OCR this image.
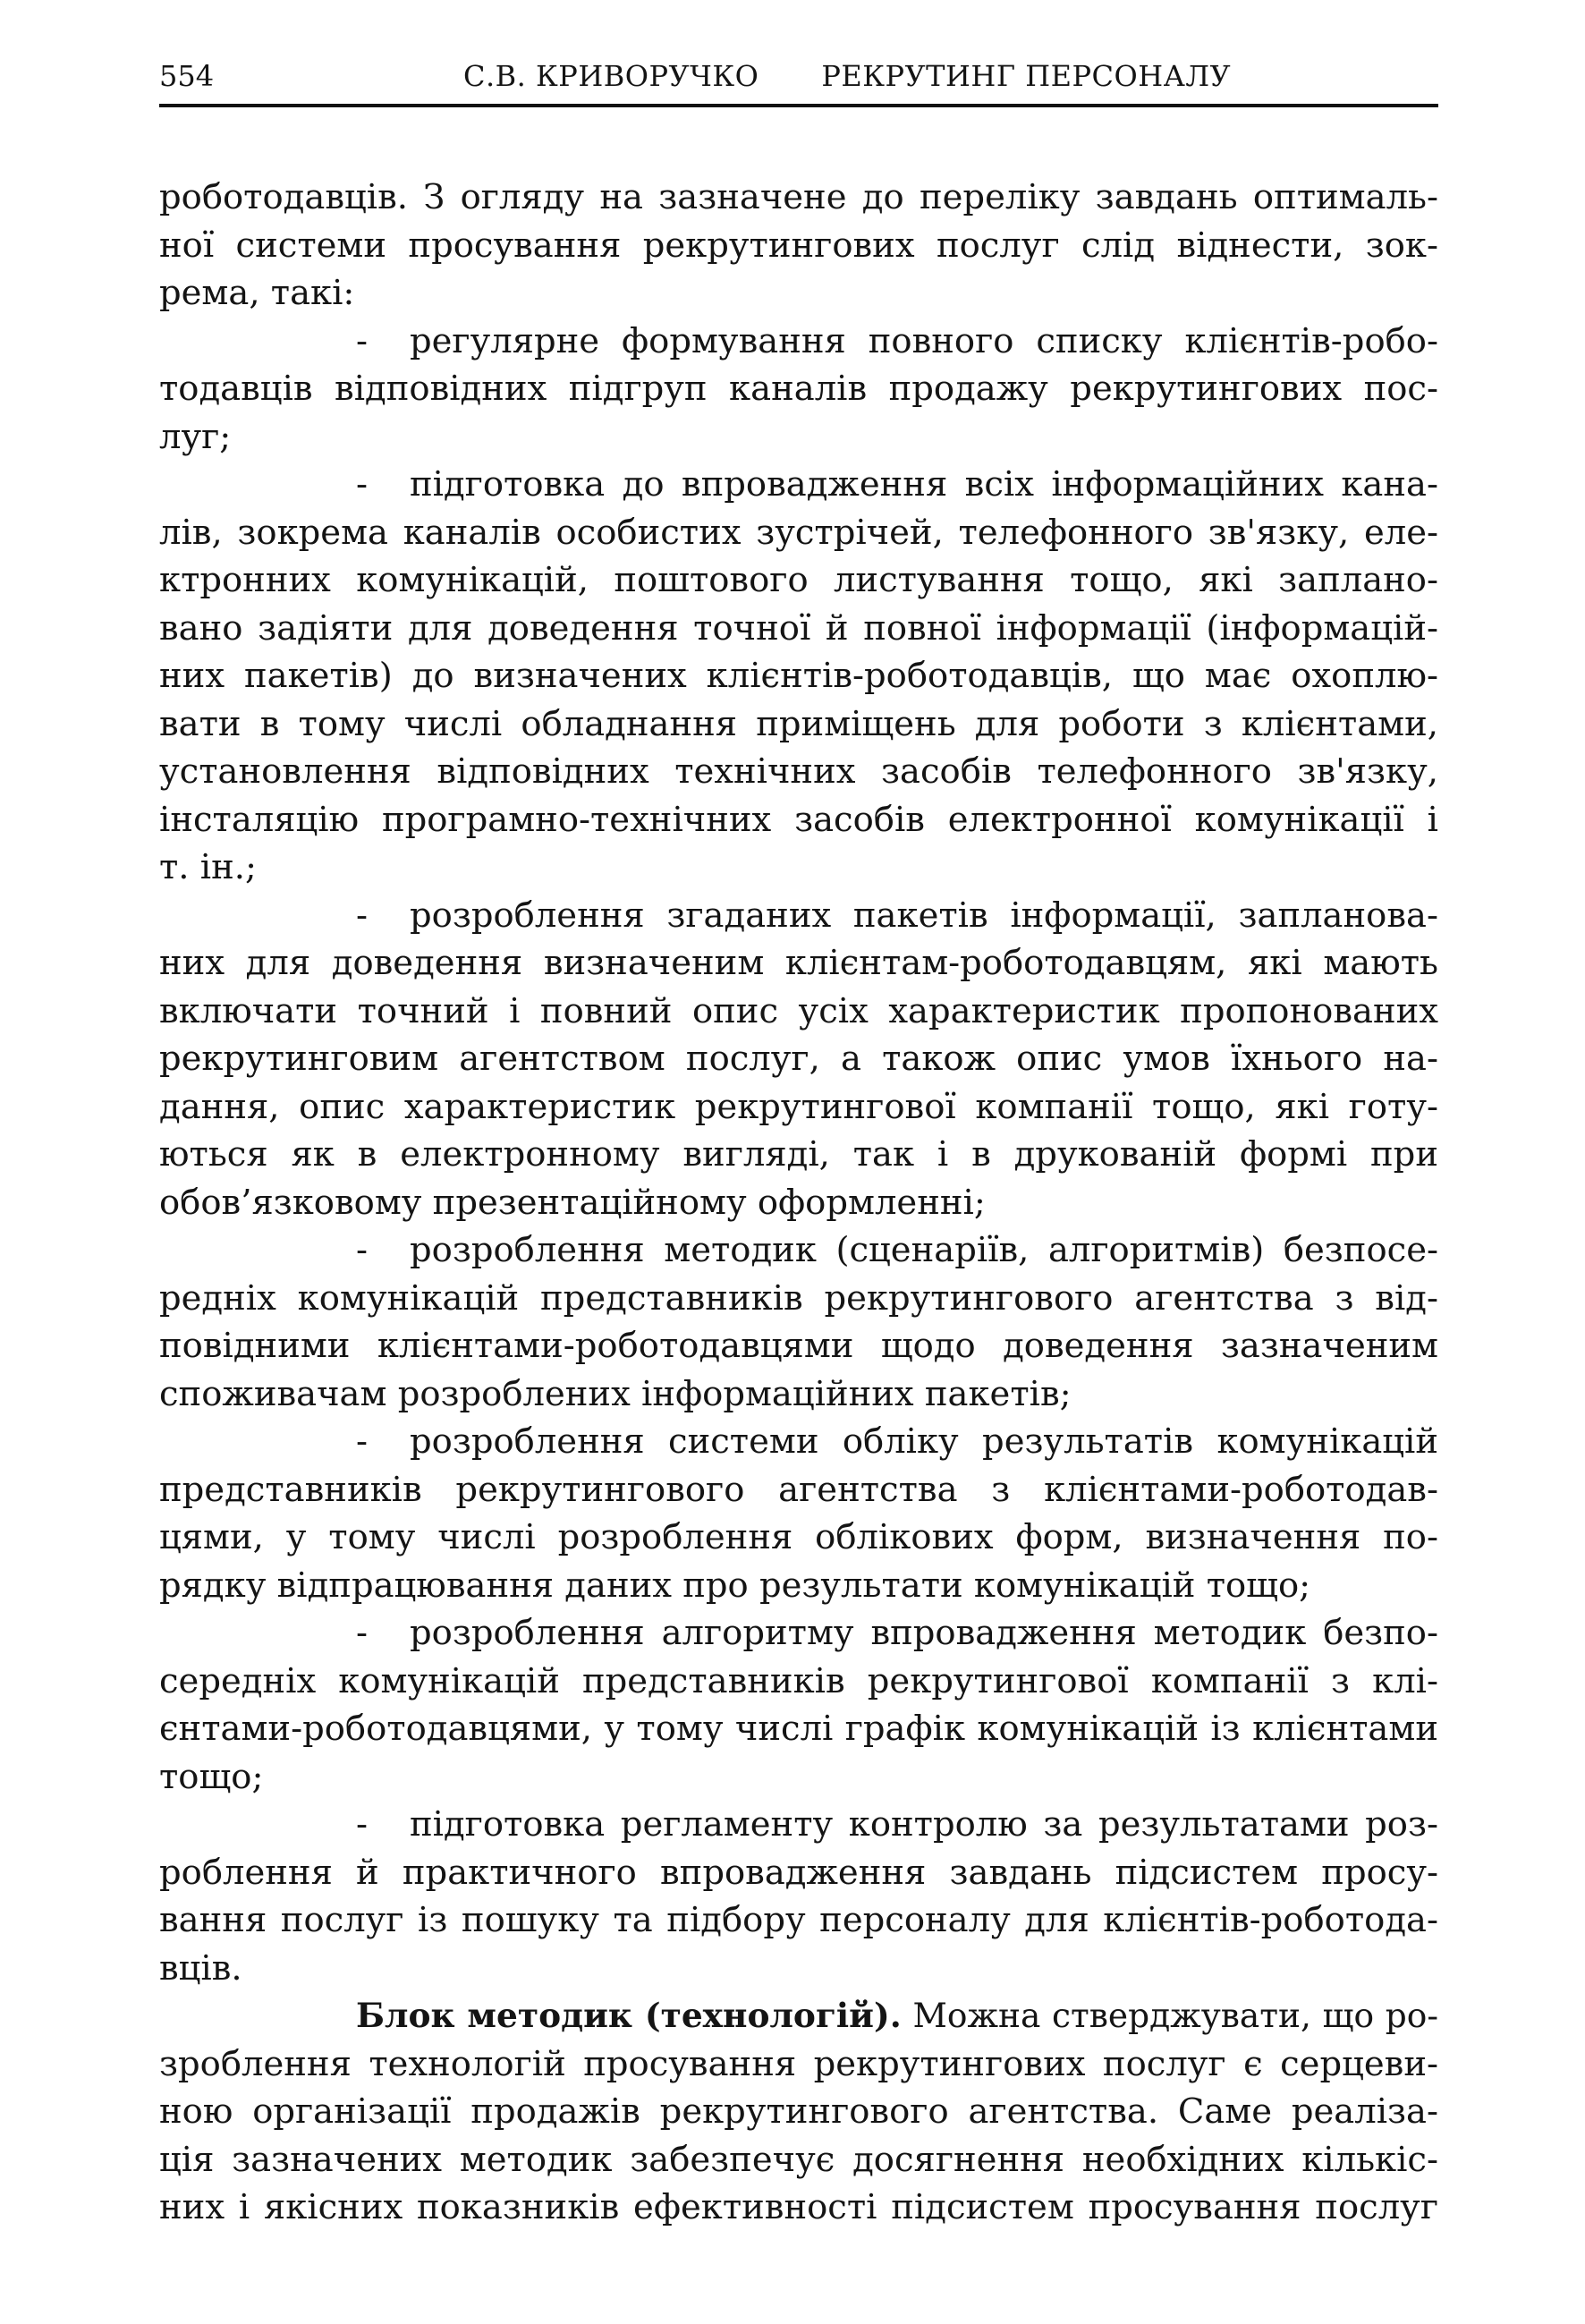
554	С.В. КРИВОРУЧКО РЕКРУТИНГ ПЕРСОНАЛУ
роботодавців. З огляду на зазначене до переліку завдань оптималь-
ної системи просування рекрутингових послуг слід віднести, зок-
рема, такі:
- регулярне формування повного списку клієнтів-робо-
тодавців відповідних підгруп каналів продажу рекрутингових пос-
луг;
- підготовка до впровадження всіх інформаційних кана-
лів, зокрема каналів особистих зустрічей, телефонного зв'язку, еле-
ктронних комунікацій, поштового листування тощо, які заплано-
вано задіяти для доведення точної й повної інформації (інформацій-
них пакетів) до визначених клієнтів-роботодавців, що має охоплю-
вати в тому числі обладнання приміщень для роботи з клієнтами,
установлення відповідних технічних засобів телефонного зв'язку,
інсталяцію програмно-технічних засобів електронної комунікації і
т. ін.;
- розроблення згаданих пакетів інформації, запланова-
них для доведення визначеним клієнтам-роботодавцям, які мають
включати точний і повний опис усіх характеристик пропонованих
рекрутинговим агентством послуг, а також опис умов їхнього на-
дання, опис характеристик рекрутингової компанії тощо, які готу-
ються як в електронному вигляді, так і в друкованій формі при
обов’язковому презентаційному оформленні;
- розроблення методик (сценаріїв, алгоритмів) безпосе-
редніх комунікацій представників рекрутингового агентства з від-
повідними клієнтами-роботодавцями щодо доведення зазначеним
споживачам розроблених інформаційних пакетів;
- розроблення системи обліку результатів комунікацій
представників рекрутингового агентства з клієнтами-роботодав-
цями, у тому числі розроблення облікових форм, визначення по-
рядку відпрацювання даних про результати комунікацій тощо;
- розроблення алгоритму впровадження методик безпо-
середніх комунікацій представників рекрутингової компанії з клі-
єнтами-роботодавцями, у тому числі графік комунікацій із клієнтами
тощо;
- підготовка регламенту контролю за результатами роз-
роблення й практичного впровадження завдань підсистем просу-
вання послуг із пошуку та підбору персоналу для клієнтів-роботода-
вців.
Блок методик (технологій). Можна стверджувати, що ро-
зроблення технологій просування рекрутингових послуг є серцеви-
ною організації продажів рекрутингового агентства. Саме реаліза-
ція зазначених методик забезпечує досягнення необхідних кількіс-
них і якісних показників ефективності підсистем просування послуг
